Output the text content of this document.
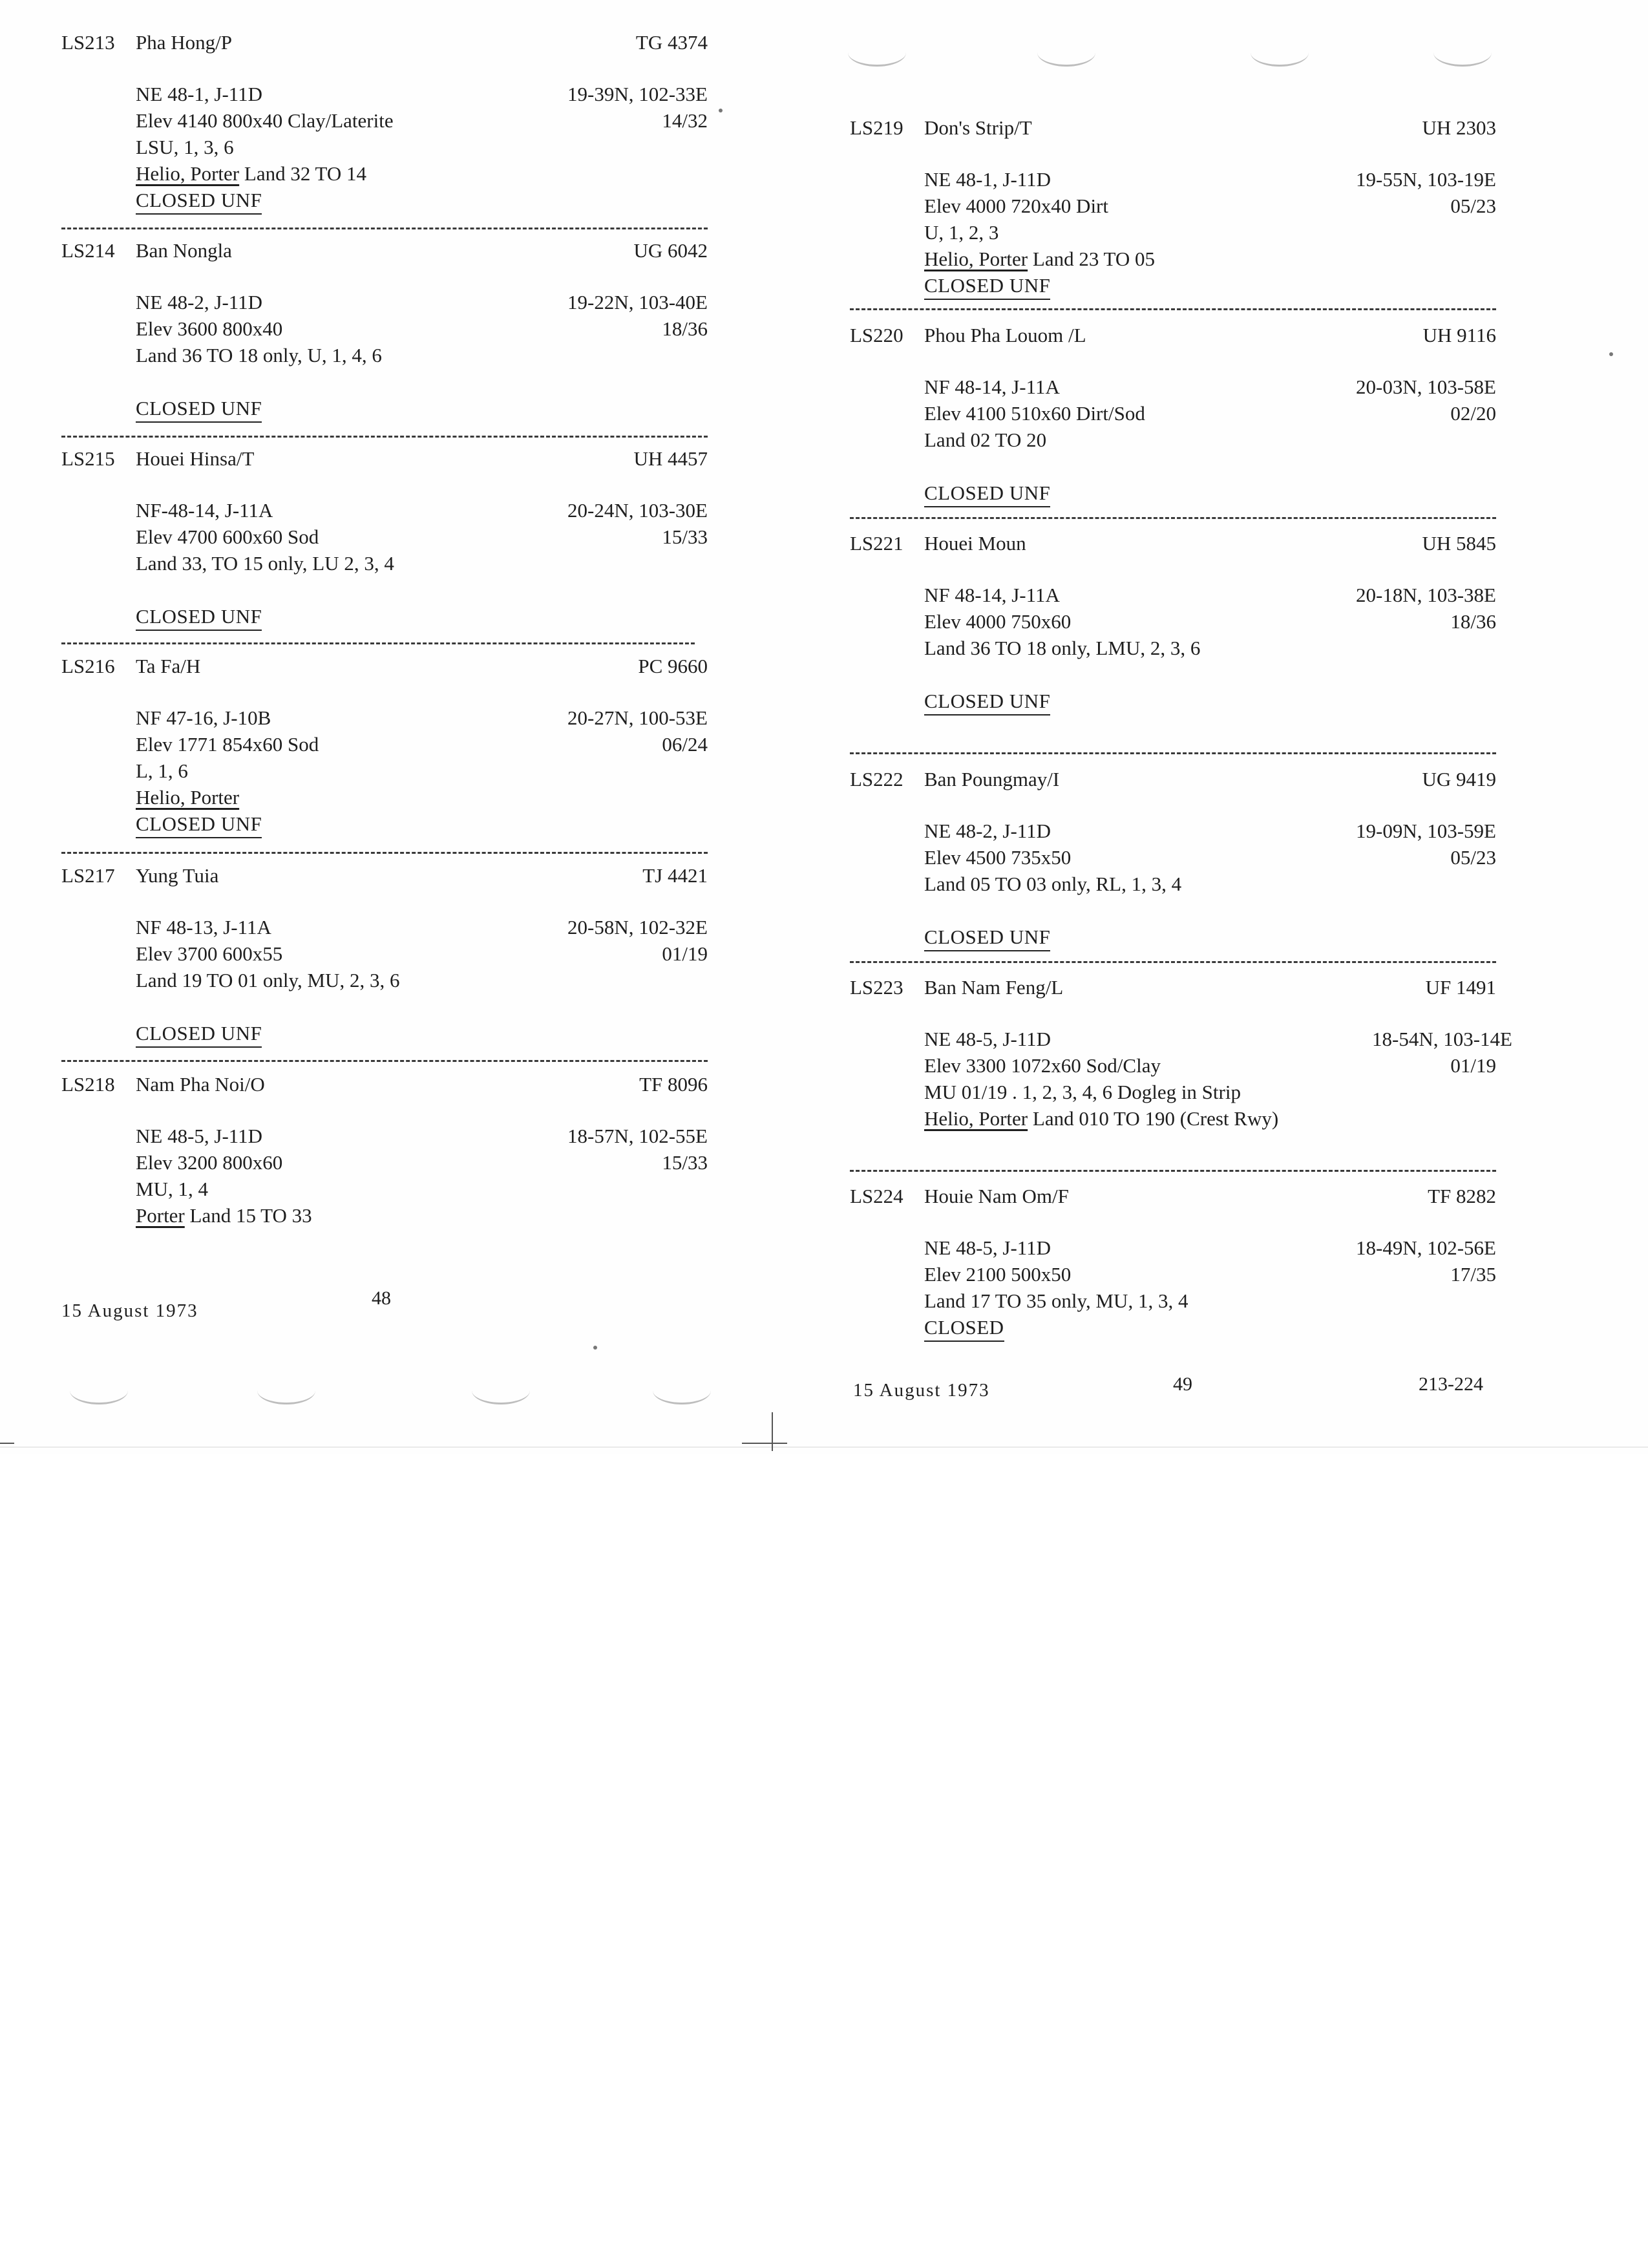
LS213 Pha Hong/P	TG 4374
NE 48-1, J-11D	19-39N, 102-33E
Elev 4140 800x40 Clay/Laterite	14/32
LSU, 1, 3, 6
Helio, Porter Land 32 TO 14
CLOSED UNF
LS214 Ban Nongla	UG 6042
NE 48-2, J-11D	19-22N, 103-40E
Elev 3600 800x40	18/36
Land 36 TO 18 only, U, 1, 4, 6
CLOSED UNF
LS215 Houei Hinsa/T	UH 4457
NF-48-14, J-11A	20-24N, 103-30E
Elev 4700 600x60 Sod	15/33
Land 33, TO 15 only, LU 2, 3, 4
CLOSED UNF
LS216 Ta Fa/H	PC 9660
NF 47-16, J-10B	20-27N, 100-53E
Elev 1771 854x60 Sod	06/24
L, 1, 6
Helio, Porter
CLOSED UNF
LS217 Yung Tuia	TJ 4421
NF 48-13, J-11A	20-58N, 102-32E
Elev 3700 600x55	01/19
Land 19 TO 01 only, MU, 2, 3, 6
CLOSED UNF
LS218 Nam Pha Noi/O	TF 8096
NE 48-5, J-11D	18-57N, 102-55E
Elev 3200 800x60	15/33
MU, 1, 4
Porter Land 15 TO 33
15 August 1973
48
LS219 Don's Strip/T	UH 2303
NE 48-1, J-11D	19-55N, 103-19E
Elev 4000 720x40 Dirt	05/23
U, 1, 2, 3
Helio, Porter Land 23 TO 05
CLOSED UNF
LS220 Phou Pha Louom /L	UH 9116
NF 48-14, J-11A	20-03N, 103-58E
Elev 4100 510x60 Dirt/Sod	02/20
Land 02 TO 20
CLOSED UNF
LS221 Houei Moun	UH 5845
NF 48-14, J-11A	20-18N, 103-38E
Elev 4000 750x60	18/36
Land 36 TO 18 only, LMU, 2, 3, 6
CLOSED UNF
LS222 Ban Poungmay/I	UG 9419
NE 48-2, J-11D	19-09N, 103-59E
Elev 4500 735x50	05/23
Land 05 TO 03 only, RL, 1, 3, 4
CLOSED UNF
LS223 Ban Nam Feng/L	UF 1491
NE 48-5, J-11D	18-54N, 103-14E
Elev 3300 1072x60 Sod/Clay	01/19
MU 01/19 . 1, 2, 3, 4, 6 Dogleg in Strip
Helio, Porter Land 010 TO 190 (Crest Rwy)
LS224 Houie Nam Om/F	TF 8282
NE 48-5, J-11D	18-49N, 102-56E
Elev 2100 500x50	17/35
Land 17 TO 35 only, MU, 1, 3, 4
CLOSED
15 August 1973	49	213-224
